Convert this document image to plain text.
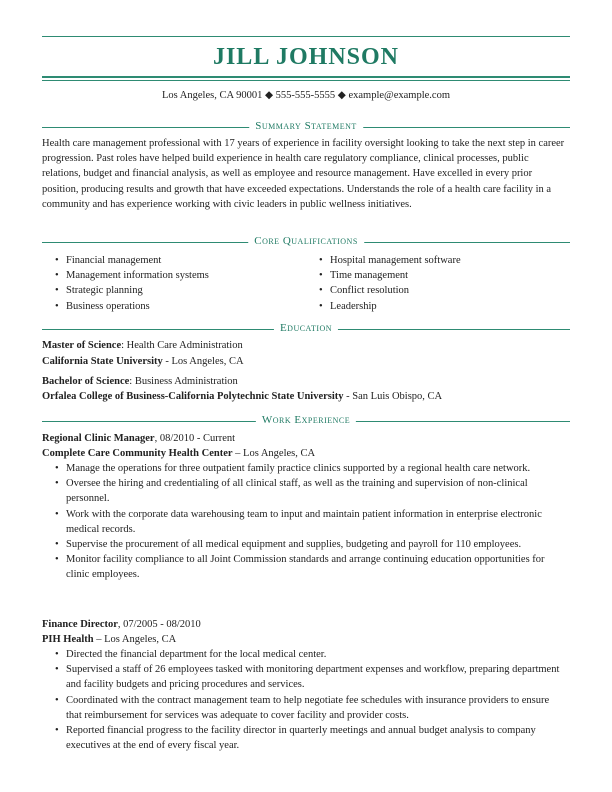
JILL JOHNSON
Los Angeles, CA 90001 ◆ 555-555-5555 ◆ example@example.com
Summary Statement
Health care management professional with 17 years of experience in facility oversight looking to take the next step in career progression. Past roles have helped build experience in health care regulatory compliance, clinical processes, public relations, budget and financial analysis, as well as employee and resource management. Have excelled in every prior position, producing results and growth that have exceeded expectations. Understands the role of a health care facility in a community and has experience working with civic leaders in public wellness initiatives.
Core Qualifications
• Financial management
• Management information systems
• Strategic planning
• Business operations
• Hospital management software
• Time management
• Conflict resolution
• Leadership
Education
Master of Science: Health Care Administration
California State University - Los Angeles, CA
Bachelor of Science: Business Administration
Orfalea College of Business-California Polytechnic State University - San Luis Obispo, CA
Work Experience
Regional Clinic Manager, 08/2010 - Current
Complete Care Community Health Center – Los Angeles, CA
• Manage the operations for three outpatient family practice clinics supported by a regional health care network.
• Oversee the hiring and credentialing of all clinical staff, as well as the training and supervision of non-clinical personnel.
• Work with the corporate data warehousing team to input and maintain patient information in enterprise electronic medical records.
• Supervise the procurement of all medical equipment and supplies, budgeting and payroll for 110 employees.
• Monitor facility compliance to all Joint Commission standards and arrange continuing education opportunities for clinic employees.
Finance Director, 07/2005 - 08/2010
PIH Health – Los Angeles, CA
• Directed the financial department for the local medical center.
• Supervised a staff of 26 employees tasked with monitoring department expenses and workflow, preparing department and facility budgets and pricing procedures and services.
• Coordinated with the contract management team to help negotiate fee schedules with insurance providers to ensure that reimbursement for services was adequate to cover facility and provider costs.
• Reported financial progress to the facility director in quarterly meetings and annual budget analysis to company executives at the end of every fiscal year.
